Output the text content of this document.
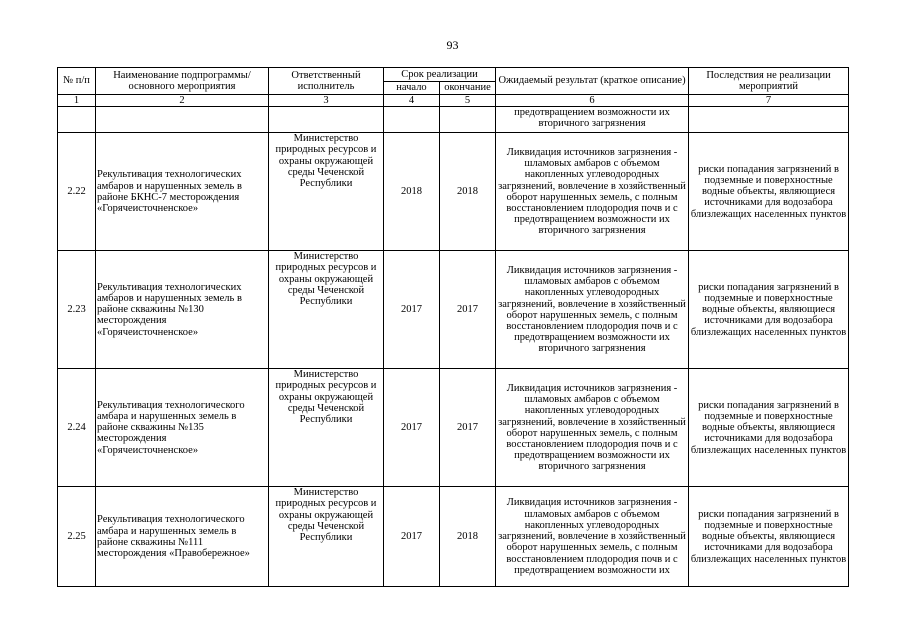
93
№ п/п	Наименование подпрограммы/ основного мероприятия	Ответственный исполнитель	Срок реализации		Ожидаемый результат (краткое описание)	Последствия не реализации мероприятий
			начало	окончание		
1	2	3	4	5	6	7
					предотвращением возможности их вторичного загрязнения	
2.22	Рекультивация технологических амбаров и нарушенных земель в районе БКНС-7 месторождения «Горячеисточненское»	Министерство природных ресурсов и охраны окружающей среды Чеченской Республики	2018	2018	Ликвидация источников загрязнения - шламовых амбаров с объемом накопленных углеводородных загрязнений, вовлечение в хозяйственный оборот нарушенных земель, с полным восстановлением плодородия почв и с предотвращением возможности их вторичного загрязнения	риски попадания загрязнений в подземные и поверхностные водные объекты, являющиеся источниками для водозабора близлежащих населенных пунктов
2.23	Рекультивация технологических амбаров и нарушенных земель в районе скважины №130 месторождения «Горячеисточненское»	Министерство природных ресурсов и охраны окружающей среды Чеченской Республики	2017	2017	Ликвидация источников загрязнения - шламовых амбаров с объемом накопленных углеводородных загрязнений, вовлечение в хозяйственный оборот нарушенных земель, с полным восстановлением плодородия почв и с предотвращением возможности их вторичного загрязнения	риски попадания загрязнений в подземные и поверхностные водные объекты, являющиеся источниками для водозабора близлежащих населенных пунктов
2.24	Рекультивация технологического амбара и нарушенных земель в районе скважины №135 месторождения «Горячеисточненское»	Министерство природных ресурсов и охраны окружающей среды Чеченской Республики	2017	2017	Ликвидация источников загрязнения - шламовых амбаров с объемом накопленных углеводородных загрязнений, вовлечение в хозяйственный оборот нарушенных земель, с полным восстановлением плодородия почв и с предотвращением возможности их вторичного загрязнения	риски попадания загрязнений в подземные и поверхностные водные объекты, являющиеся источниками для водозабора близлежащих населенных пунктов
2.25	Рекультивация технологического амбара и нарушенных земель в районе скважины №111 месторождения «Правобережное»	Министерство природных ресурсов и охраны окружающей среды Чеченской Республики	2017	2018	Ликвидация источников загрязнения - шламовых амбаров с объемом накопленных углеводородных загрязнений, вовлечение в хозяйственный оборот нарушенных земель, с полным восстановлением плодородия почв и с предотвращением возможности их	риски попадания загрязнений в подземные и поверхностные водные объекты, являющиеся источниками для водозабора близлежащих населенных пунктов
